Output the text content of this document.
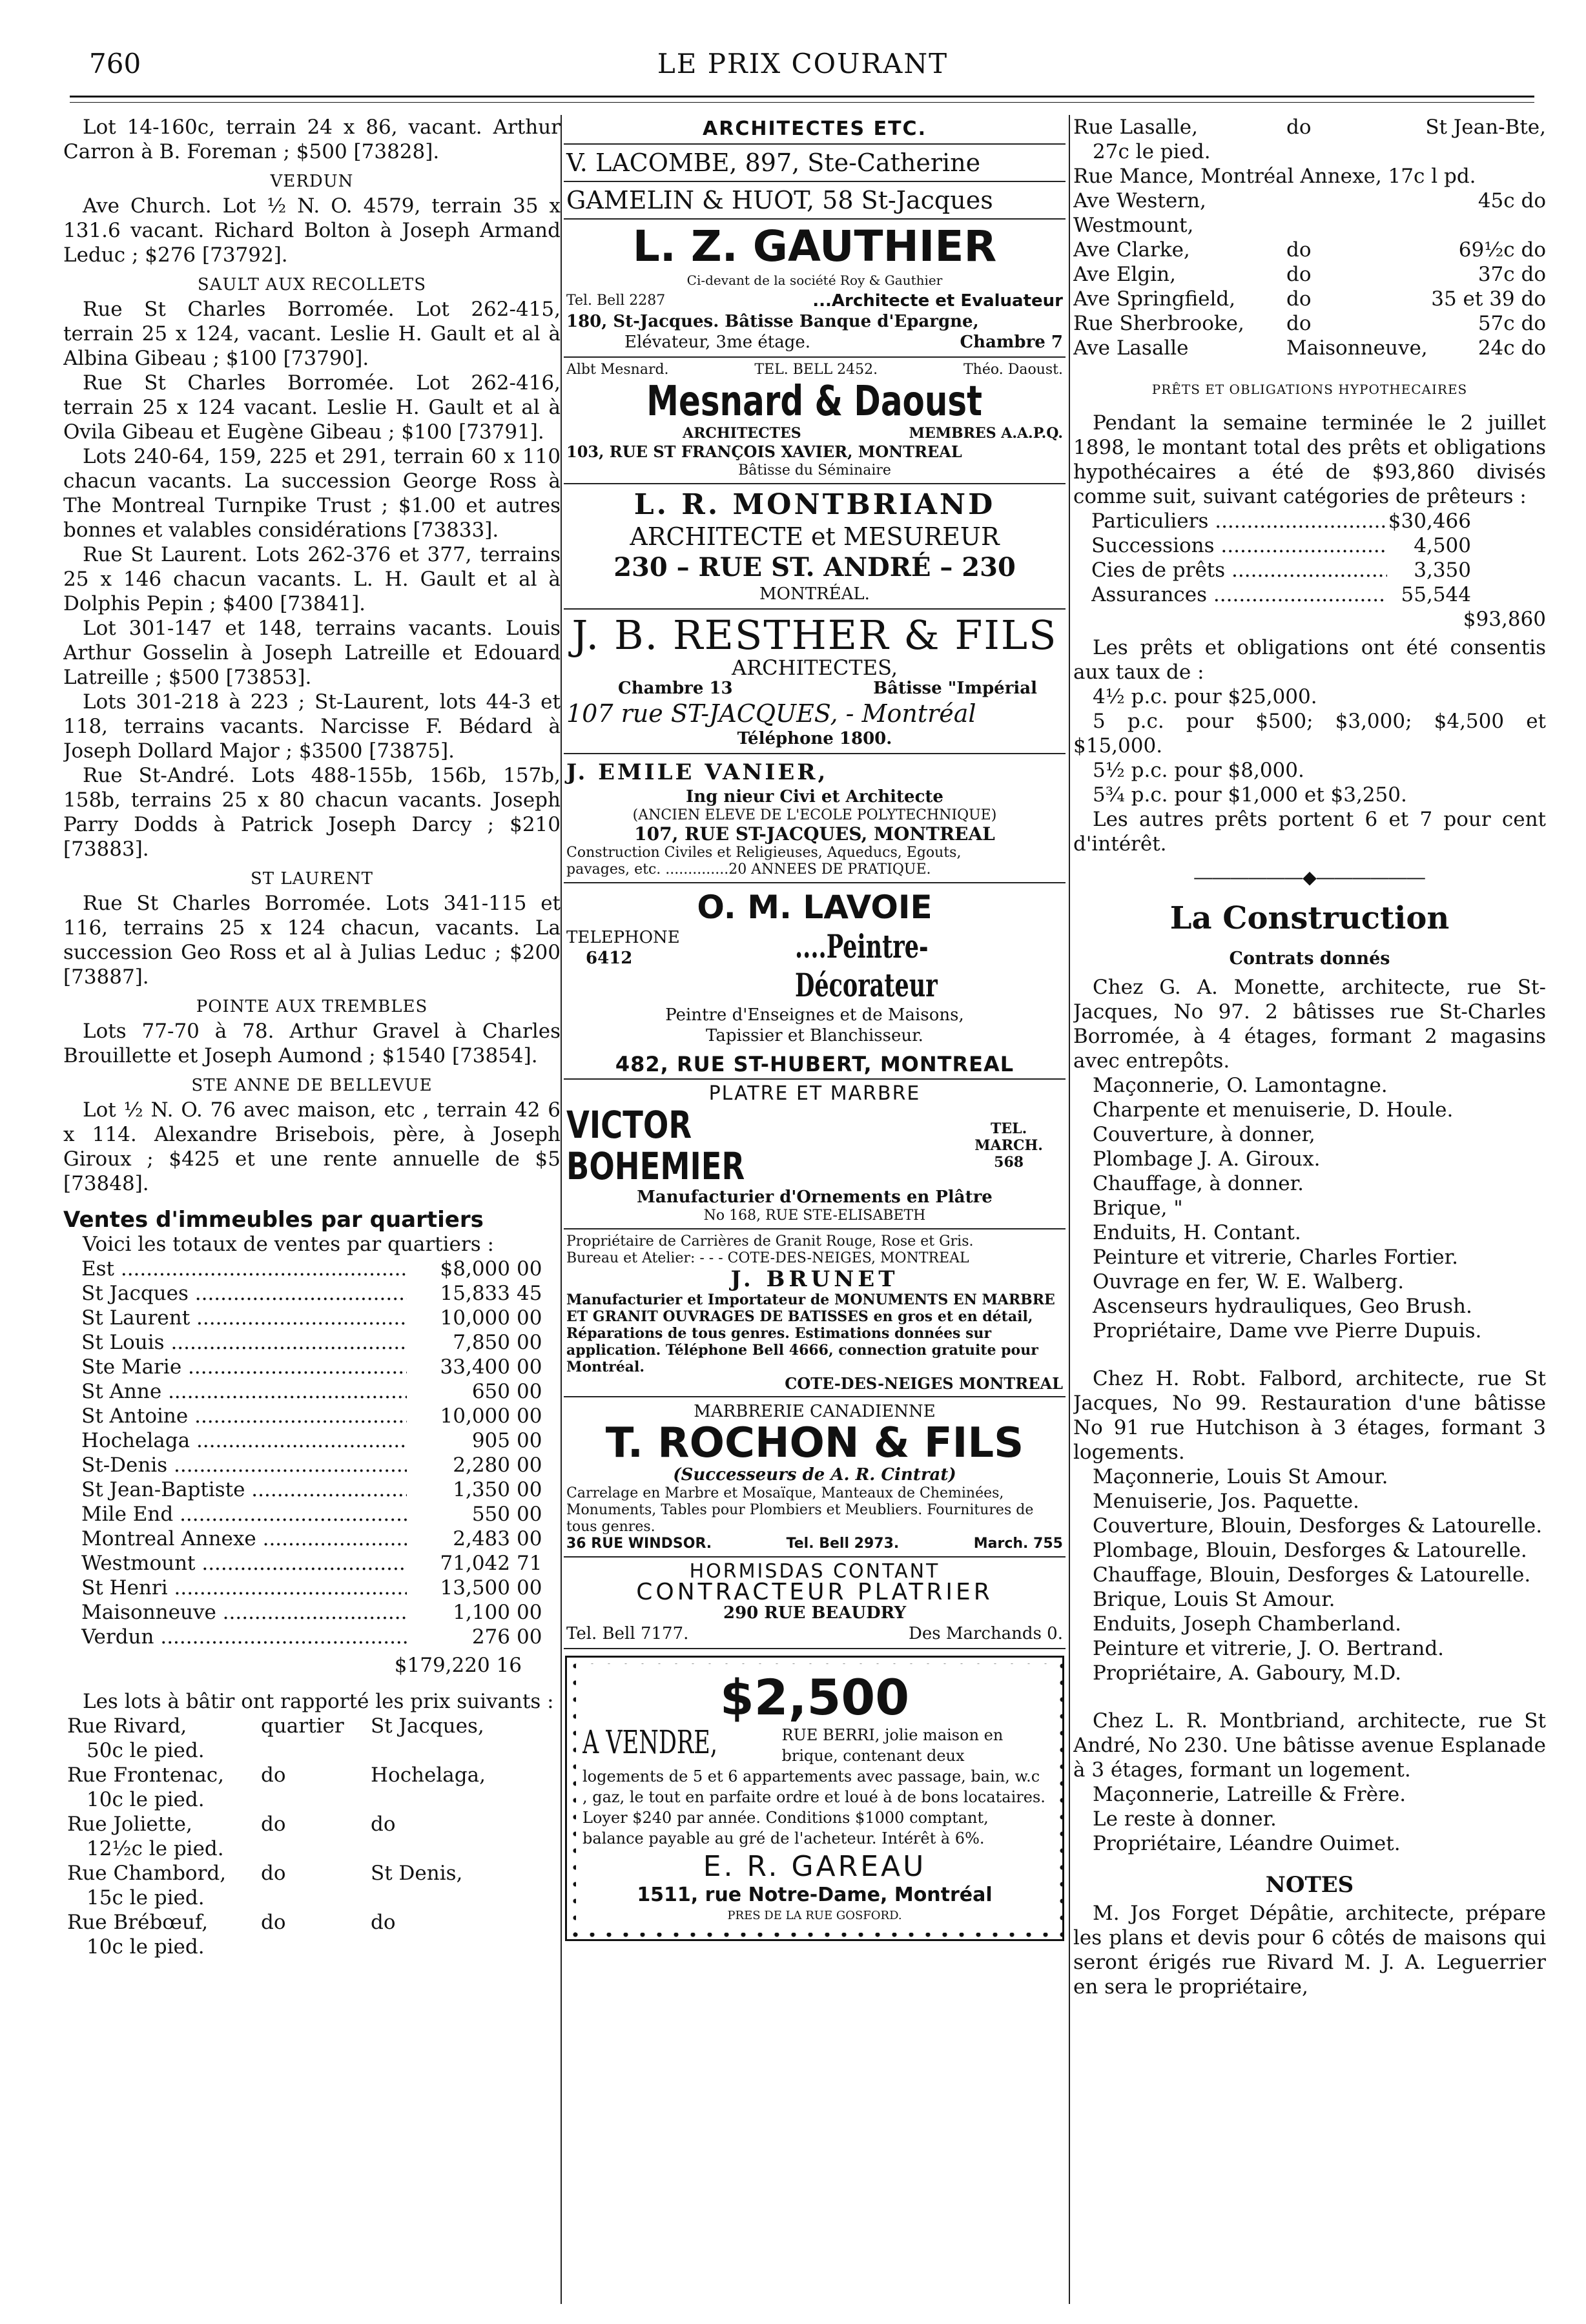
760	LE PRIX COURANT

Lot 14-160c, terrain 24 x 86, vacant. Arthur Carron à B. Foreman ; $500 [73828].

VERDUN

Ave Church. Lot ½ N. O. 4579, terrain 35 x 131.6 vacant. Richard Bolton à Joseph Armand Leduc ; $276 [73792].

SAULT AUX RECOLLETS

Rue St Charles Borromée. Lot 262-415, terrain 25 x 124, vacant. Leslie H. Gault et al à Albina Gibeau ; $100 [73790].

Rue St Charles Borromée. Lot 262-416, terrain 25 x 124 vacant. Leslie H. Gault et al à Ovila Gibeau et Eugène Gibeau ; $100 [73791].

Lots 240-64, 159, 225 et 291, terrain 60 x 110 chacun vacants. La succession George Ross à The Montreal Turnpike Trust ; $1.00 et autres bonnes et valables considérations [73833].

Rue St Laurent. Lots 262-376 et 377, terrains 25 x 146 chacun vacants. L. H. Gault et al à Dolphis Pepin ; $400 [73841].

Lot 301-147 et 148, terrains vacants. Louis Arthur Gosselin à Joseph Latreille et Edouard Latreille ; $500 [73853].

Lots 301-218 à 223 ; St-Laurent, lots 44-3 et 118, terrains vacants. Narcisse F. Bédard à Joseph Dollard Major ; $3500 [73875].

Rue St-André. Lots 488-155b, 156b, 157b, 158b, terrains 25 x 80 chacun vacants. Joseph Parry Dodds à Patrick Joseph Darcy ; $210 [73883].

ST LAURENT

Rue St Charles Borromée. Lots 341-115 et 116, terrains 25 x 124 chacun, vacants. La succession Geo Ross et al à Julias Leduc ; $200 [73887].

POINTE AUX TREMBLES

Lots 77-70 à 78. Arthur Gravel à Charles Brouillette et Joseph Aumond ; $1540 [73854].

STE ANNE DE BELLEVUE

Lot ½ N. O. 76 avec maison, etc , terrain 42 6 x 114. Alexandre Brisebois, père, à Joseph Giroux ; $425 et une rente annuelle de $5 [73848].

Ventes d'immeubles par quartiers

Voici les totaux de ventes par quartiers :

Est .....	$8,000 00
St Jacques .....	15,833 45
St Laurent .....	10,000 00
St Louis .....	7,850 00
Ste Marie .....	33,400 00
St Anne .....	650 00
St Antoine .....	10,000 00
Hochelaga .....	905 00
St-Denis .....	2,280 00
St Jean-Baptiste .....	1,350 00
Mile End .....	550 00
Montreal Annexe .....	2,483 00
Westmount .....	71,042 71
St Henri .....	13,500 00
Maisonneuve .....	1,100 00
Verdun .....	276 00
$179,220 16

Les lots à bâtir ont rapporté les prix suivants :

Rue Rivard,	quartier	St Jacques,
50c le pied.
Rue Frontenac,	do	Hochelaga,
10c le pied.
Rue Joliette,	do	do
12½c le pied.
Rue Chambord,	do	St Denis,
15c le pied.
Rue Brébœuf,	do	do
10c le pied.
ARCHITECTES ETC.
V. LACOMBE, 897, Ste-Catherine
GAMELIN & HUOT, 58 St-Jacques
L. Z. GAUTHIER
Ci-devant de la société Roy & Gauthier
Tel. Bell 2287	...Architecte et Evaluateur
180, St-Jacques. Bâtisse Banque d'Epargne,
Elévateur, 3me étage.	Chambre 7
Albt Mesnard.	TEL. BELL 2452.	Théo. Daoust.
Mesnard & Daoust
ARCHITECTES	MEMBRES A.A.P.Q.
103, RUE ST FRANÇOIS XAVIER, MONTREAL
Bâtisse du Séminaire
L. R. MONTBRIAND
ARCHITECTE et MESUREUR
230 – RUE ST. ANDRÉ – 230
MONTRÉAL.
J. B. RESTHER & FILS
ARCHITECTES,
Chambre 13	Bâtisse "Impérial
107 rue ST-JACQUES, - Montréal
Téléphone 1800.
J. EMILE VANIER,
Ing nieur Civi et Architecte
(ANCIEN ELEVE DE L'ECOLE POLYTECHNIQUE)
107, RUE ST-JACQUES, MONTREAL
Construction Civiles et Religieuses, Aqueducs, Egouts,
pavages, etc. ..............20 ANNEES DE PRATIQUE.
O. M. LAVOIE
TELEPHONE
6412	....Peintre-Décorateur
Peintre d'Enseignes et de Maisons,
Tapissier et Blanchisseur.
482, RUE ST-HUBERT, MONTREAL
PLATRE ET MARBRE
VICTOR BOHEMIER
TEL. MARCH.
568
Manufacturier d'Ornements en Plâtre
No 168, RUE STE-ELISABETH
Propriétaire de Carrières de Granit Rouge, Rose et Gris.
Bureau et Atelier: - - - COTE-DES-NEIGES, MONTREAL
J. BRUNET
Manufacturier et Importateur de MONUMENTS EN MARBRE ET GRANIT OUVRAGES DE BATISSES en gros et en détail, Réparations de tous genres. Estimations données sur application. Téléphone Bell 4666, connection gratuite pour Montréal.
COTE-DES-NEIGES MONTREAL
MARBRERIE CANADIENNE
T. ROCHON & FILS
(Successeurs de A. R. Cintrat)
Carrelage en Marbre et Mosaïque, Manteaux de Cheminées, Monuments, Tables pour Plombiers et Meubliers. Fournitures de tous genres.
36 RUE WINDSOR.	Tel. Bell 2973.	March. 755
HORMISDAS CONTANT
CONTRACTEUR PLATRIER
290 RUE BEAUDRY
Tel. Bell 7177.	Des Marchands 0.
$2,500
A VENDRE,	RUE BERRI, jolie maison en brique, contenant deux logements de 5 et 6 appartements avec passage, bain, w.c , gaz, le tout en parfaite ordre et loué à de bons locataires. Loyer $240 par année. Conditions $1000 comptant, balance payable au gré de l'acheteur. Intérêt à 6%.
E. R. GAREAU
1511, rue Notre-Dame, Montréal
PRES DE LA RUE GOSFORD.
Rue Lasalle,	do	St Jean-Bte,
27c le pied.
Rue Mance, Montréal Annexe, 17c l pd.
Ave Western, Westmount,
45c do
Ave Clarke,	do	69½c do
Ave Elgin,	do	37c do
Ave Springfield,	do	35 et 39 do
Rue Sherbrooke,	do	57c do
Ave Lasalle	Maisonneuve,	24c do
PRÊTS ET OBLIGATIONS HYPOTHECAIRES

Pendant la semaine terminée le 2 juillet 1898, le montant total des prêts et obligations hypothécaires a été de $93,860 divisés comme suit, suivant catégories de prêteurs :

Particuliers .....	$30,466
Successions .....	4,500
Cies de prêts .....	3,350
Assurances .....	55,544
$93,860

Les prêts et obligations ont été consentis aux taux de :

4½ p.c. pour $25,000.
5 p.c. pour $500; $3,000; $4,500 et $15,000.
5½ p.c. pour $8,000.
5¾ p.c. pour $1,000 et $3,250.

Les autres prêts portent 6 et 7 pour cent d'intérêt.

――――――◆――――――
La Construction
Contrats donnés

Chez G. A. Monette, architecte, rue St-Jacques, No 97. 2 bâtisses rue St-Charles Borromée, à 4 étages, formant 2 magasins avec entrepôts.

Maçonnerie, O. Lamontagne.
Charpente et menuiserie, D. Houle.
Couverture, à donner,
Plombage J. A. Giroux.
Chauffage, à donner.
Brique, "
Enduits, H. Contant.
Peinture et vitrerie, Charles Fortier.
Ouvrage en fer, W. E. Walberg.
Ascenseurs hydrauliques, Geo Brush.
Propriétaire, Dame vve Pierre Dupuis.

Chez H. Robt. Falbord, architecte, rue St Jacques, No 99. Restauration d'une bâtisse No 91 rue Hutchison à 3 étages, formant 3 logements.

Maçonnerie, Louis St Amour.
Menuiserie, Jos. Paquette.
Couverture, Blouin, Desforges & Latourelle.
Plombage, Blouin, Desforges & Latourelle.
Chauffage, Blouin, Desforges & Latourelle.
Brique, Louis St Amour.
Enduits, Joseph Chamberland.
Peinture et vitrerie, J. O. Bertrand.
Propriétaire, A. Gaboury, M.D.

Chez L. R. Montbriand, architecte, rue St André, No 230. Une bâtisse avenue Esplanade à 3 étages, formant un logement.

Maçonnerie, Latreille & Frère.
Le reste à donner.
Propriétaire, Léandre Ouimet.
NOTES

M. Jos Forget Dépâtie, architecte, prépare les plans et devis pour 6 côtés de maisons qui seront érigés rue Rivard M. J. A. Leguerrier en sera le propriétaire,
